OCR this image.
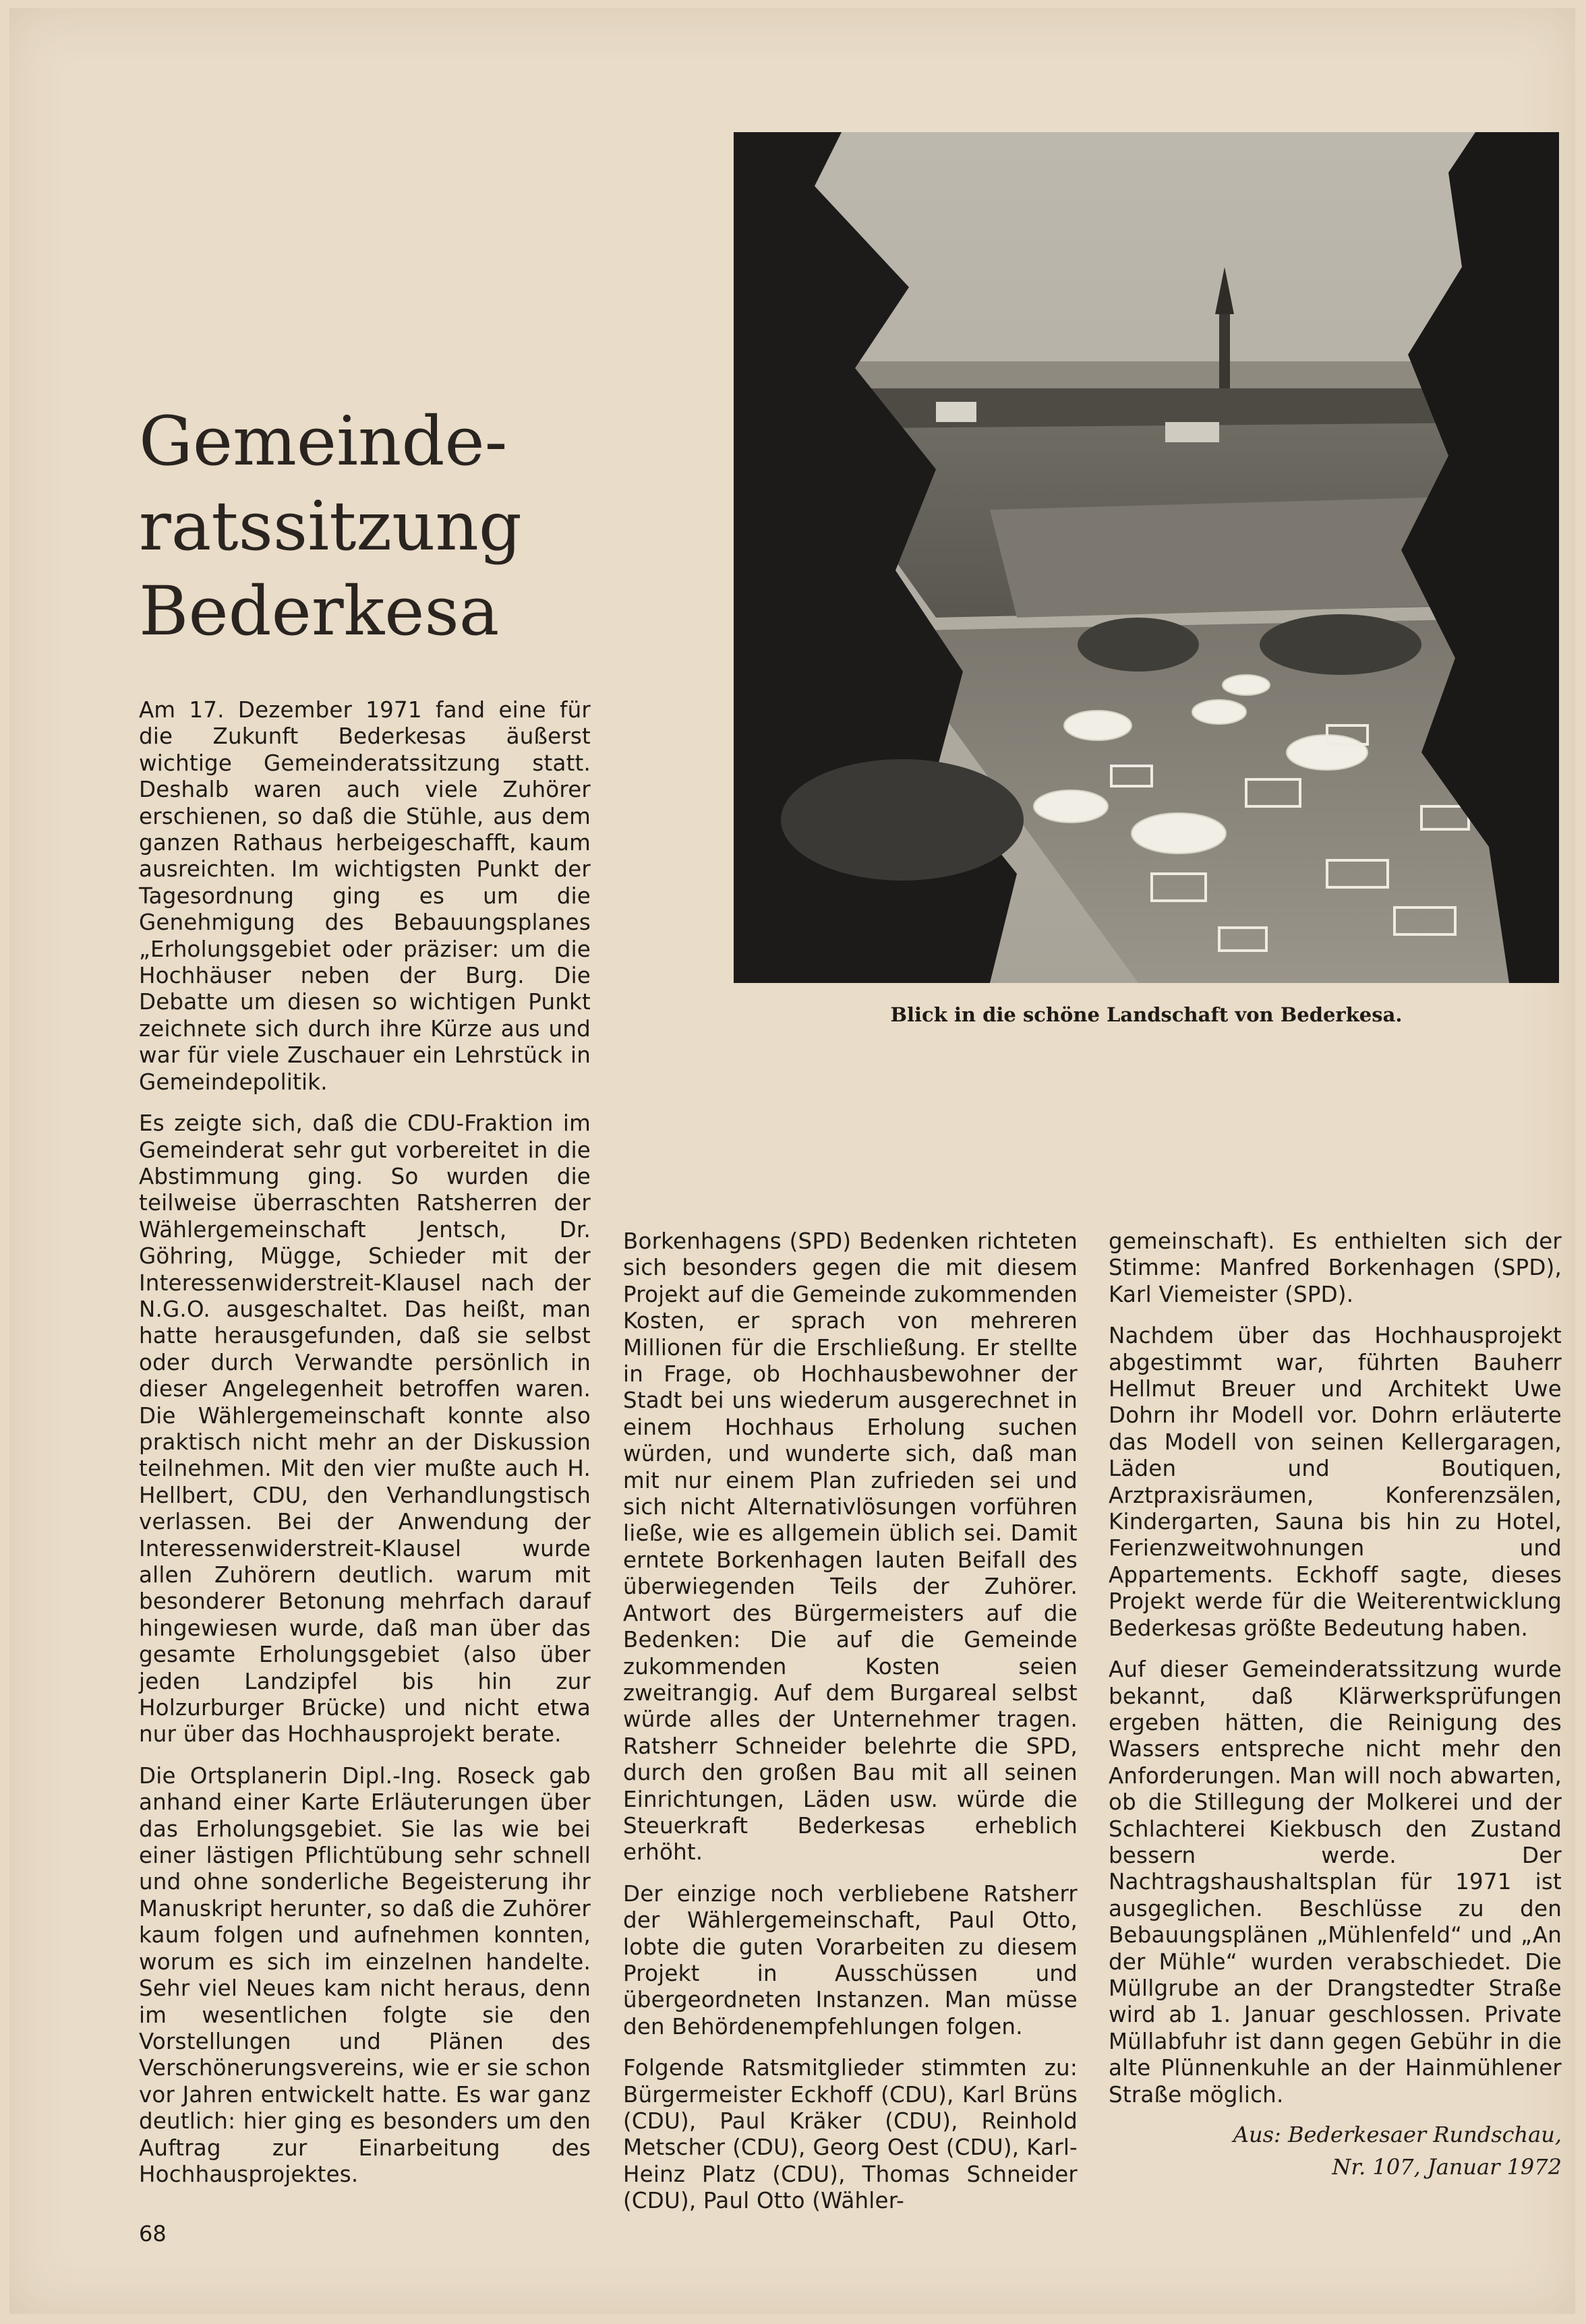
Gemeinde-
ratssitzung
Bederkesa
Blick in die schöne Landschaft von Bederkesa.

Am 17. Dezember 1971 fand eine für die Zukunft Bederkesas äußerst wichtige Gemeinderatssitzung statt. Deshalb waren auch viele Zuhörer erschienen, so daß die Stühle, aus dem ganzen Rathaus herbeigeschafft, kaum ausreichten. Im wichtigsten Punkt der Tagesordnung ging es um die Genehmigung des Bebauungsplanes „Erholungsgebiet oder präziser: um die Hochhäuser neben der Burg. Die Debatte um diesen so wichtigen Punkt zeichnete sich durch ihre Kürze aus und war für viele Zuschauer ein Lehrstück in Gemeindepolitik.

Es zeigte sich, daß die CDU-Fraktion im Gemeinderat sehr gut vorbereitet in die Abstimmung ging. So wurden die teilweise überraschten Ratsherren der Wählergemeinschaft Jentsch, Dr. Göhring, Mügge, Schieder mit der Interessenwiderstreit-Klausel nach der N.G.O. ausgeschaltet. Das heißt, man hatte herausgefunden, daß sie selbst oder durch Verwandte persönlich in dieser Angelegenheit betroffen waren. Die Wählergemeinschaft konnte also praktisch nicht mehr an der Diskussion teilnehmen. Mit den vier mußte auch H. Hellbert, CDU, den Verhandlungstisch verlassen. Bei der Anwendung der Interessenwiderstreit-Klausel wurde allen Zuhörern deutlich. warum mit besonderer Betonung mehrfach darauf hingewiesen wurde, daß man über das gesamte Erholungsgebiet (also über jeden Landzipfel bis hin zur Holzurburger Brücke) und nicht etwa nur über das Hochhausprojekt berate.

Die Ortsplanerin Dipl.-Ing. Roseck gab anhand einer Karte Erläuterungen über das Erholungsgebiet. Sie las wie bei einer lästigen Pflichtübung sehr schnell und ohne sonderliche Begeisterung ihr Manuskript herunter, so daß die Zuhörer kaum folgen und aufnehmen konnten, worum es sich im einzelnen handelte. Sehr viel Neues kam nicht heraus, denn im wesentlichen folgte sie den Vorstellungen und Plänen des Verschönerungsvereins, wie er sie schon vor Jahren entwickelt hatte. Es war ganz deutlich: hier ging es besonders um den Auftrag zur Einarbeitung des Hochhausprojektes.

Borkenhagens (SPD) Bedenken richteten sich besonders gegen die mit diesem Projekt auf die Gemeinde zukommenden Kosten, er sprach von mehreren Millionen für die Erschließung. Er stellte in Frage, ob Hochhausbewohner der Stadt bei uns wiederum ausgerechnet in einem Hochhaus Erholung suchen würden, und wunderte sich, daß man mit nur einem Plan zufrieden sei und sich nicht Alternativlösungen vorführen ließe, wie es allgemein üblich sei. Damit erntete Borkenhagen lauten Beifall des überwiegenden Teils der Zuhörer. Antwort des Bürgermeisters auf die Bedenken: Die auf die Gemeinde zukommenden Kosten seien zweitrangig. Auf dem Burgareal selbst würde alles der Unternehmer tragen. Ratsherr Schneider belehrte die SPD, durch den großen Bau mit all seinen Einrichtungen, Läden usw. würde die Steuerkraft Bederkesas erheblich erhöht.

Der einzige noch verbliebene Ratsherr der Wählergemeinschaft, Paul Otto, lobte die guten Vorarbeiten zu diesem Projekt in Ausschüssen und übergeordneten Instanzen. Man müsse den Behördenempfehlungen folgen.

Folgende Ratsmitglieder stimmten zu: Bürgermeister Eckhoff (CDU), Karl Brüns (CDU), Paul Kräker (CDU), Reinhold Metscher (CDU), Georg Oest (CDU), Karl-Heinz Platz (CDU), Thomas Schneider (CDU), Paul Otto (Wähler-

gemeinschaft). Es enthielten sich der Stimme: Manfred Borkenhagen (SPD), Karl Viemeister (SPD).

Nachdem über das Hochhausprojekt abgestimmt war, führten Bauherr Hellmut Breuer und Architekt Uwe Dohrn ihr Modell vor. Dohrn erläuterte das Modell von seinen Kellergaragen, Läden und Boutiquen, Arztpraxisräumen, Konferenzsälen, Kindergarten, Sauna bis hin zu Hotel, Ferienzweitwohnungen und Appartements. Eckhoff sagte, dieses Projekt werde für die Weiterentwicklung Bederkesas größte Bedeutung haben.

Auf dieser Gemeinderatssitzung wurde bekannt, daß Klärwerksprüfungen ergeben hätten, die Reinigung des Wassers entspreche nicht mehr den Anforderungen. Man will noch abwarten, ob die Stillegung der Molkerei und der Schlachterei Kiekbusch den Zustand bessern werde. Der Nachtragshaushaltsplan für 1971 ist ausgeglichen. Beschlüsse zu den Bebauungsplänen „Mühlenfeld“ und „An der Mühle“ wurden verabschiedet. Die Müllgrube an der Drangstedter Straße wird ab 1. Januar geschlossen. Private Müllabfuhr ist dann gegen Gebühr in die alte Plünnenkuhle an der Hainmühlener Straße möglich.

Aus: Bederkesaer Rundschau,
Nr. 107, Januar 1972
68
